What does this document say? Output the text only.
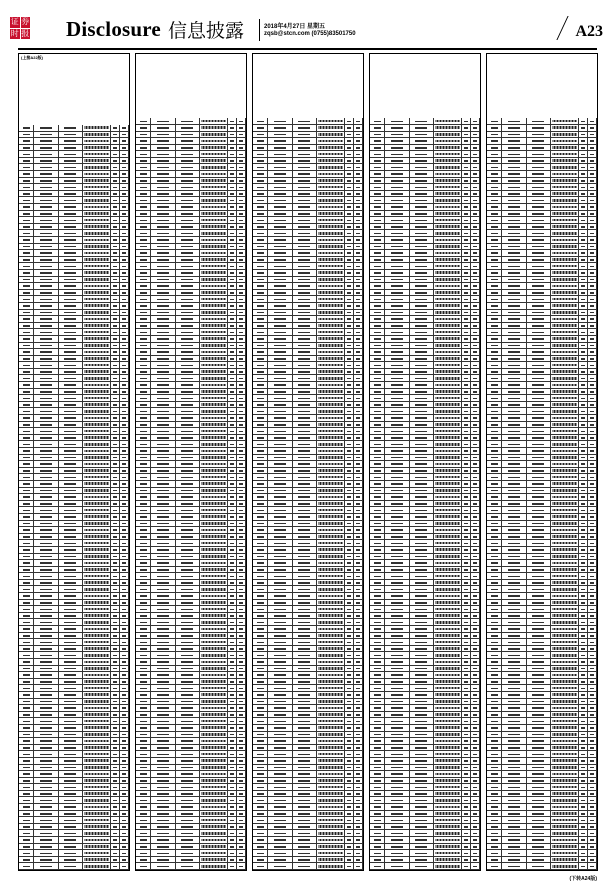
证 券
时 报 Disclosure 信息披露	2018年4月27日 星期五
zqsb@stcn.com (0755)83501750	A23
(上接A22版)
(下转A24版)
